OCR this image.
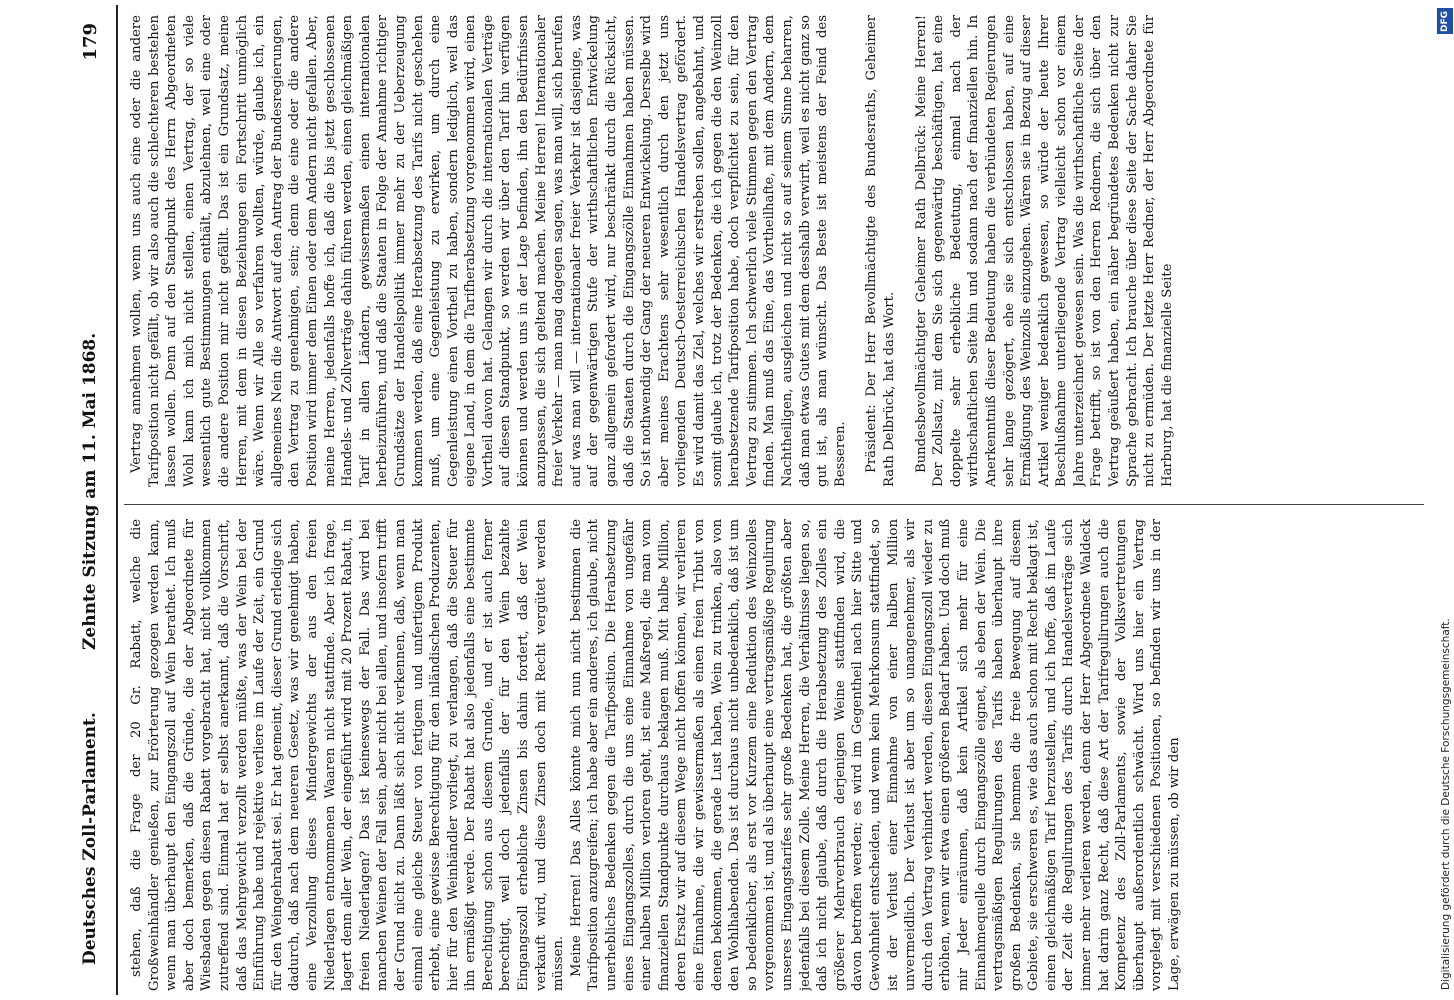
Deutsches Zoll-Parlament.
Zehnte Sitzung am 11. Mai 1868.
179

stehen, daß die Frage der 20 Gr. Rabatt, welche die Großweinhändler genießen, zur Erörterung gezogen werden kann, wenn man überhaupt den Eingangszoll auf Wein berathet. Ich muß aber doch bemerken, daß die Gründe, die der Abgeordnete für Wiesbaden gegen diesen Rabatt vorgebracht hat, nicht vollkommen zutreffend sind. Einmal hat er selbst anerkannt, daß die Vorschrift, daß das Mehrgewicht verzollt werden müßte, was der Wein bei der Einführung habe und rejektive verliere im Laufe der Zeit, ein Grund für den Weingehrabatt sei. Er hat gemeint, dieser Grund erledige sich dadurch, daß nach dem neueren Gesetz, was wir genehmigt haben, eine Verzollung dieses Mindergewichts der aus den freien Niederlagen entnommenen Waaren nicht stattfinde. Aber ich frage, lagert denn aller Wein, der eingeführt wird mit 20 Prozent Rabatt, in freien Niederlagen? Das ist keineswegs der Fall. Das wird bei manchen Weinen der Fall sein, aber nicht bei allen, und insofern trifft der Grund nicht zu. Dann läßt sich nicht verkennen, daß, wenn man einmal eine gleiche Steuer von fertigem und unfertigem Produkt erhebt, eine gewisse Berechtigung für den inländischen Produzenten, hier für den Weinhändler vorliegt, zu verlangen, daß die Steuer für ihn ermäßigt werde. Der Rabatt hat also jedenfalls eine bestimmte Berechtigung schon aus diesem Grunde, und er ist auch ferner berechtigt, weil doch jedenfalls der für den Wein bezahlte Eingangszoll erhebliche Zinsen bis dahin fordert, daß der Wein verkauft wird, und diese Zinsen doch mit Recht vergütet werden müssen. Meine Herren! Das Alles könnte mich nun nicht bestimmen die Tarifposition anzugreifen; ich habe aber ein anderes, ich glaube, nicht unerhebliches Bedenken gegen die Tarifposition. Die Herabsetzung eines Eingangszolles, durch die uns eine Einnahme von ungefähr einer halben Million verloren geht, ist eine Maßregel, die man vom finanziellen Standpunkte durchaus beklagen muß. Mit halbe Million, deren Ersatz wir auf diesem Wege nicht hoffen können, wir verlieren eine Einnahme, die wir gewissermaßen als einen freien Tribut von denen bekommen, die gerade Lust haben, Wein zu trinken, also von den Wohlhabenden. Das ist durchaus nicht unbedenklich, daß ist um so bedenklicher, als erst vor Kurzem eine Reduktion des Weinzolles vorgenommen ist, und als überhaupt eine vertragsmäßige Regulirung unseres Eingangstarifes sehr große Bedenken hat, die größten aber jedenfalls bei diesem Zolle. Meine Herren, die Verhältnisse liegen so, daß ich nicht glaube, daß durch die Herabsetzung des Zolles ein größerer Mehrverbrauch derjenigen Weine stattfinden wird, die davon betroffen werden; es wird im Gegentheil nach hier Sitte und Gewohnheit entscheiden, und wenn kein Mehrkonsum stattfindet, so ist der Verlust einer Einnahme von einer halben Million unvermeidlich. Der Verlust ist aber um so unangenehmer, als wir durch den Vertrag verhindert werden, diesen Eingangszoll wieder zu erhöhen, wenn wir etwa einen größeren Bedarf haben. Und doch muß mir Jeder einräumen, daß kein Artikel sich mehr für eine Einnahmequelle durch Eingangszölle eignet, als eben der Wein. Die vertragsmäßigen Regulirungen des Tarifs haben überhaupt ihre großen Bedenken, sie hemmen die freie Bewegung auf diesem Gebiete, sie erschweren es, wie das auch schon mit Recht beklagt ist, einen gleichmäßigen Tarif herzustellen, und ich hoffe, daß im Laufe der Zeit die Regulirungen des Tarifs durch Handelsverträge sich immer mehr verlieren werden, denn der Herr Abgeordnete Waldeck hat darin ganz Recht, daß diese Art der Tarifregulirungen auch die Kompetenz des Zoll-Parlaments, sowie der Volksvertretungen überhaupt außerordentlich schwächt. Wird uns hier ein Vertrag vorgelegt mit verschiedenen Positionen, so befinden wir uns in der Lage, erwägen zu müssen, ob wir den

Vertrag annehmen wollen, wenn uns auch eine oder die andere Tarifposition nicht gefällt, ob wir also auch die schlechteren bestehen lassen wollen. Denn auf den Standpunkt des Herrn Abgeordneten Wohl kann ich mich nicht stellen, einen Vertrag, der so viele wesentlich gute Bestimmungen enthält, abzulehnen, weil eine oder die andere Position mir nicht gefällt. Das ist ein Grundsatz, meine Herren, mit dem in diesen Beziehungen ein Fortschritt unmöglich wäre. Wenn wir Alle so verfahren wollten, würde, glaube ich, ein allgemeines Nein die Antwort auf den Antrag der Bundesregierungen, den Vertrag zu genehmigen, sein; denn die eine oder die andere Position wird immer dem Einen oder dem Andern nicht gefallen. Aber, meine Herren, jedenfalls hoffe ich, daß die bis jetzt geschlossenen Handels- und Zollverträge dahin führen werden, einen gleichmäßigen Tarif in allen Ländern, gewissermaßen einen internationalen herbeizuführen, und daß die Staaten in Folge der Annahme richtiger Grundsätze der Handelspolitik immer mehr zu der Ueberzeugung kommen werden, daß eine Herabsetzung des Tarifs nicht geschehen muß, um eine Gegenleistung zu erwirken, um durch eine Gegenleistung einen Vortheil zu haben, sondern lediglich, weil das eigene Land, in dem die Tarifherabsetzung vorgenommen wird, einen Vortheil davon hat. Gelangen wir durch die internationalen Verträge auf diesen Standpunkt, so werden wir über den Tarif hin verfügen können und werden uns in der Lage befinden, ihn den Bedürfnissen anzupassen, die sich geltend machen. Meine Herren! Internationaler freier Verkehr — man mag dagegen sagen, was man will, sich berufen auf was man will — internationaler freier Verkehr ist dasjenige, was auf der gegenwärtigen Stufe der wirthschaftlichen Entwickelung ganz allgemein gefordert wird, nur beschränkt durch die Rücksicht, daß die Staaten durch die Eingangszölle Einnahmen haben müssen. So ist nothwendig der Gang der neueren Entwickelung. Derselbe wird aber meines Erachtens sehr wesentlich durch den jetzt uns vorliegenden Deutsch-Oesterreichischen Handelsvertrag gefördert. Es wird damit das Ziel, welches wir erstreben sollen, angebahnt, und somit glaube ich, trotz der Bedenken, die ich gegen die den Weinzoll herabsetzende Tarifposition habe, doch verpflichtet zu sein, für den Vertrag zu stimmen. Ich schwerlich viele Stimmen gegen den Vertrag finden. Man muß das Eine, das Vortheilhafte, mit dem Andern, dem Nachtheiligen, ausgleichen und nicht so auf seinem Sinne beharren, daß man etwas Gutes mit dem desshalb verwirft, weil es nicht ganz so gut ist, als man wünscht. Das Beste ist meistens der Feind des Besseren. Präsident: Der Herr Bevollmächtigte des Bundesraths, Geheimer Rath Delbrück, hat das Wort. Bundesbevollmächtigter Geheimer Rath Delbrück: Meine Herren! Der Zollsatz, mit dem Sie sich gegenwärtig beschäftigen, hat eine doppelte sehr erhebliche Bedeutung, einmal nach der wirthschaftlichen Seite hin und sodann nach der finanziellen hin. In Anerkenntniß dieser Bedeutung haben die verbündeten Regierungen sehr lange gezögert, ehe sie sich entschlossen haben, auf eine Ermäßigung des Weinzolls einzugehen. Wären sie in Bezug auf dieser Artikel weniger bedenklich gewesen, so würde der heute Ihrer Beschlußnahme unterliegende Vertrag vielleicht schon vor einem Jahre unterzeichnet gewesen sein. Was die wirthschaftliche Seite der Frage betrifft, so ist von den Herren Rednern, die sich über den Vertrag geäußert haben, ein näher begründetes Bedenken nicht zur Sprache gebracht. Ich brauche über diese Seite der Sache daher Sie nicht zu ermüden. Der letzte Herr Redner, der Herr Abgeordnete für Harburg, hat die finanzielle Seite

Digitalisierung gefördert durch die Deutsche Forschungsgemeinschaft.
DFG
